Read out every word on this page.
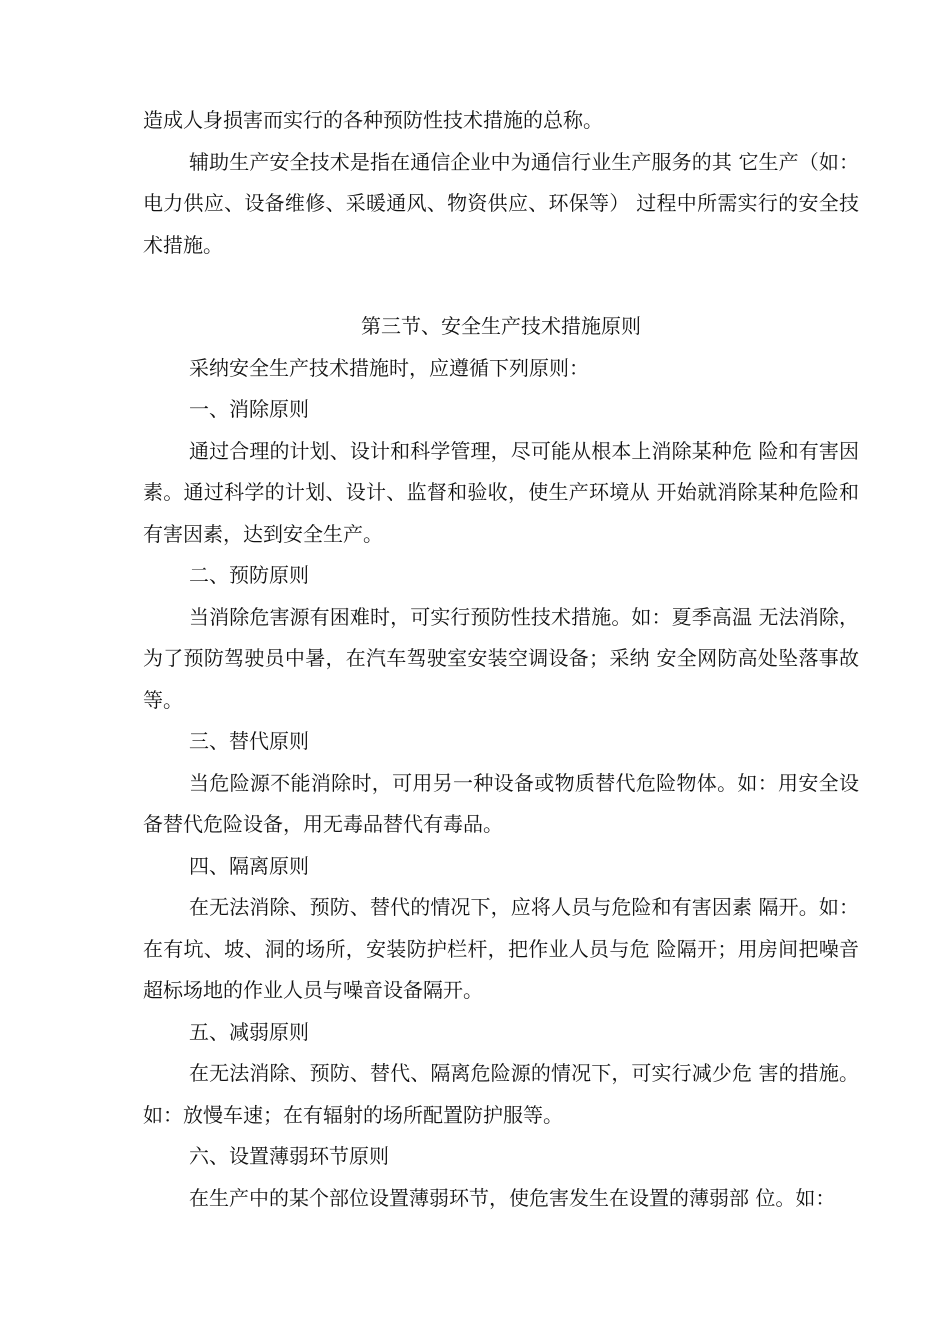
造成人身损害而实行的各种预防性技术措施的总称。

辅助生产安全技术是指在通信企业中为通信行业生产服务的其 它生产（如：电力供应、设备维修、采暖通风、物资供应、环保等） 过程中所需实行的安全技术措施。

第三节、安全生产技术措施原则

采纳安全生产技术措施时，应遵循下列原则：

一、消除原则

通过合理的计划、设计和科学管理，尽可能从根本上消除某种危 险和有害因素。通过科学的计划、设计、监督和验收，使生产环境从 开始就消除某种危险和有害因素，达到安全生产。

二、预防原则

当消除危害源有困难时，可实行预防性技术措施。如：夏季高温 无法消除，为了预防驾驶员中暑，在汽车驾驶室安装空调设备；采纳 安全网防高处坠落事故等。

三、替代原则

当危险源不能消除时，可用另一种设备或物质替代危险物体。如：用安全设备替代危险设备，用无毒品替代有毒品。

四、隔离原则

在无法消除、预防、替代的情况下，应将人员与危险和有害因素 隔开。如：在有坑、坡、洞的场所，安装防护栏杆，把作业人员与危 险隔开；用房间把噪音超标场地的作业人员与噪音设备隔开。

五、减弱原则

在无法消除、预防、替代、隔离危险源的情况下，可实行减少危 害的措施。如：放慢车速；在有辐射的场所配置防护服等。

六、设置薄弱环节原则

在生产中的某个部位设置薄弱环节，使危害发生在设置的薄弱部 位。如：
